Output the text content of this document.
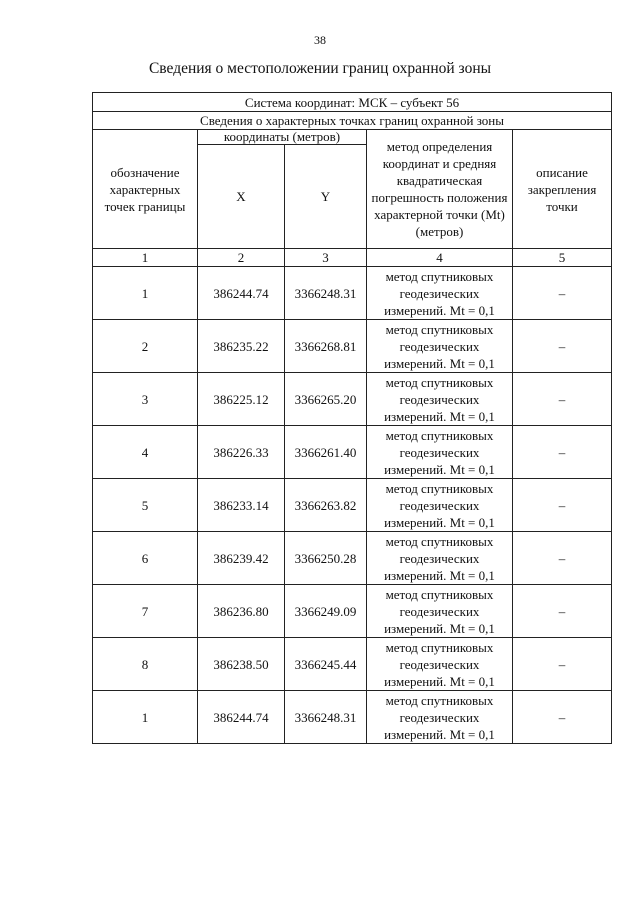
38
Сведения о местоположении границ охранной зоны
Система координат: МСК – субъект 56				
Сведения о характерных точках границ охранной зоны				
обозначение характерных точек границы	координаты (метров)		метод определения координат и средняя квадратическая погрешность положения характерной точки (Mt) (метров)	описание закрепления точки
	X	Y		
1	2	3	4	5
1	386244.74	3366248.31	метод спутниковых
геодезических
измерений. Mt = 0,1	–
2	386235.22	3366268.81	метод спутниковых
геодезических
измерений. Mt = 0,1	–
3	386225.12	3366265.20	метод спутниковых
геодезических
измерений. Mt = 0,1	–
4	386226.33	3366261.40	метод спутниковых
геодезических
измерений. Mt = 0,1	–
5	386233.14	3366263.82	метод спутниковых
геодезических
измерений. Mt = 0,1	–
6	386239.42	3366250.28	метод спутниковых
геодезических
измерений. Mt = 0,1	–
7	386236.80	3366249.09	метод спутниковых
геодезических
измерений. Mt = 0,1	–
8	386238.50	3366245.44	метод спутниковых
геодезических
измерений. Mt = 0,1	–
1	386244.74	3366248.31	метод спутниковых
геодезических
измерений. Mt = 0,1	–
